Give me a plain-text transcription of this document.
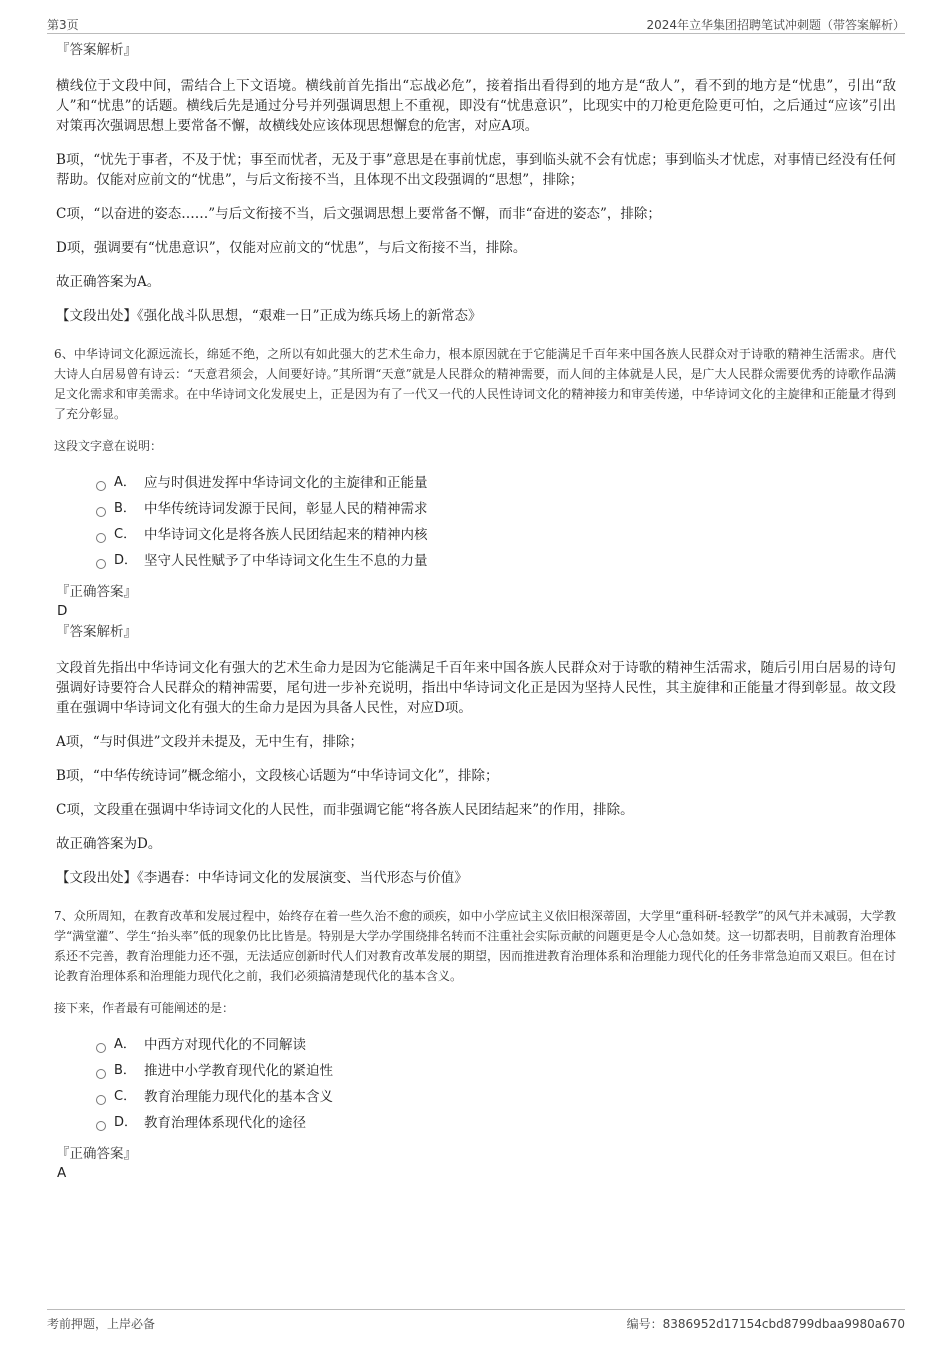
第3页	2024年立华集团招聘笔试冲刺题（带答案解析）
『答案解析』

横线位于文段中间，需结合上下文语境。横线前首先指出“忘战必危”，接着指出看得到的地方是“敌人”，看不到的地方是“忧患”，引出“敌人”和“忧患”的话题。横线后先是通过分号并列强调思想上不重视，即没有“忧患意识”，比现实中的刀枪更危险更可怕，之后通过“应该”引出对策再次强调思想上要常备不懈，故横线处应该体现思想懈怠的危害，对应A项。

B项，“忧先于事者，不及于忧；事至而忧者，无及于事”意思是在事前忧虑，事到临头就不会有忧虑；事到临头才忧虑，对事情已经没有任何帮助。仅能对应前文的“忧患”，与后文衔接不当，且体现不出文段强调的“思想”，排除；

C项，“以奋进的姿态……”与后文衔接不当，后文强调思想上要常备不懈，而非“奋进的姿态”，排除；

D项，强调要有“忧患意识”，仅能对应前文的“忧患”，与后文衔接不当，排除。

故正确答案为A。

【文段出处】《强化战斗队思想，“艰难一日”正成为练兵场上的新常态》

6、中华诗词文化源远流长，绵延不绝，之所以有如此强大的艺术生命力，根本原因就在于它能满足千百年来中国各族人民群众对于诗歌的精神生活需求。唐代大诗人白居易曾有诗云：“天意君须会，人间要好诗。”其所谓“天意”就是人民群众的精神需要，而人间的主体就是人民，是广大人民群众需要优秀的诗歌作品满足文化需求和审美需求。在中华诗词文化发展史上，正是因为有了一代又一代的人民性诗词文化的精神接力和审美传递，中华诗词文化的主旋律和正能量才得到了充分彰显。

这段文字意在说明：

A． 应与时俱进发挥中华诗词文化的主旋律和正能量
B． 中华传统诗词发源于民间，彰显人民的精神需求
C． 中华诗词文化是将各族人民团结起来的精神内核
D． 坚守人民性赋予了中华诗词文化生生不息的力量
『正确答案』
D
『答案解析』

文段首先指出中华诗词文化有强大的艺术生命力是因为它能满足千百年来中国各族人民群众对于诗歌的精神生活需求，随后引用白居易的诗句强调好诗要符合人民群众的精神需要，尾句进一步补充说明，指出中华诗词文化正是因为坚持人民性，其主旋律和正能量才得到彰显。故文段重在强调中华诗词文化有强大的生命力是因为具备人民性，对应D项。

A项，“与时俱进”文段并未提及，无中生有，排除；

B项，“中华传统诗词”概念缩小，文段核心话题为“中华诗词文化”，排除；

C项，文段重在强调中华诗词文化的人民性，而非强调它能“将各族人民团结起来”的作用，排除。

故正确答案为D。

【文段出处】《李遇春：中华诗词文化的发展演变、当代形态与价值》

7、众所周知，在教育改革和发展过程中，始终存在着一些久治不愈的顽疾，如中小学应试主义依旧根深蒂固，大学里“重科研-轻教学”的风气并未减弱，大学教学“满堂灌”、学生“抬头率”低的现象仍比比皆是。特别是大学办学围绕排名转而不注重社会实际贡献的问题更是令人心急如焚。这一切都表明，目前教育治理体系还不完善，教育治理能力还不强，无法适应创新时代人们对教育改革发展的期望，因而推进教育治理体系和治理能力现代化的任务非常急迫而又艰巨。但在讨论教育治理体系和治理能力现代化之前，我们必须搞清楚现代化的基本含义。

接下来，作者最有可能阐述的是：

A． 中西方对现代化的不同解读
B． 推进中小学教育现代化的紧迫性
C． 教育治理能力现代化的基本含义
D． 教育治理体系现代化的途径
『正确答案』
A
考前押题，上岸必备	编号：8386952d17154cbd8799dbaa9980a670
